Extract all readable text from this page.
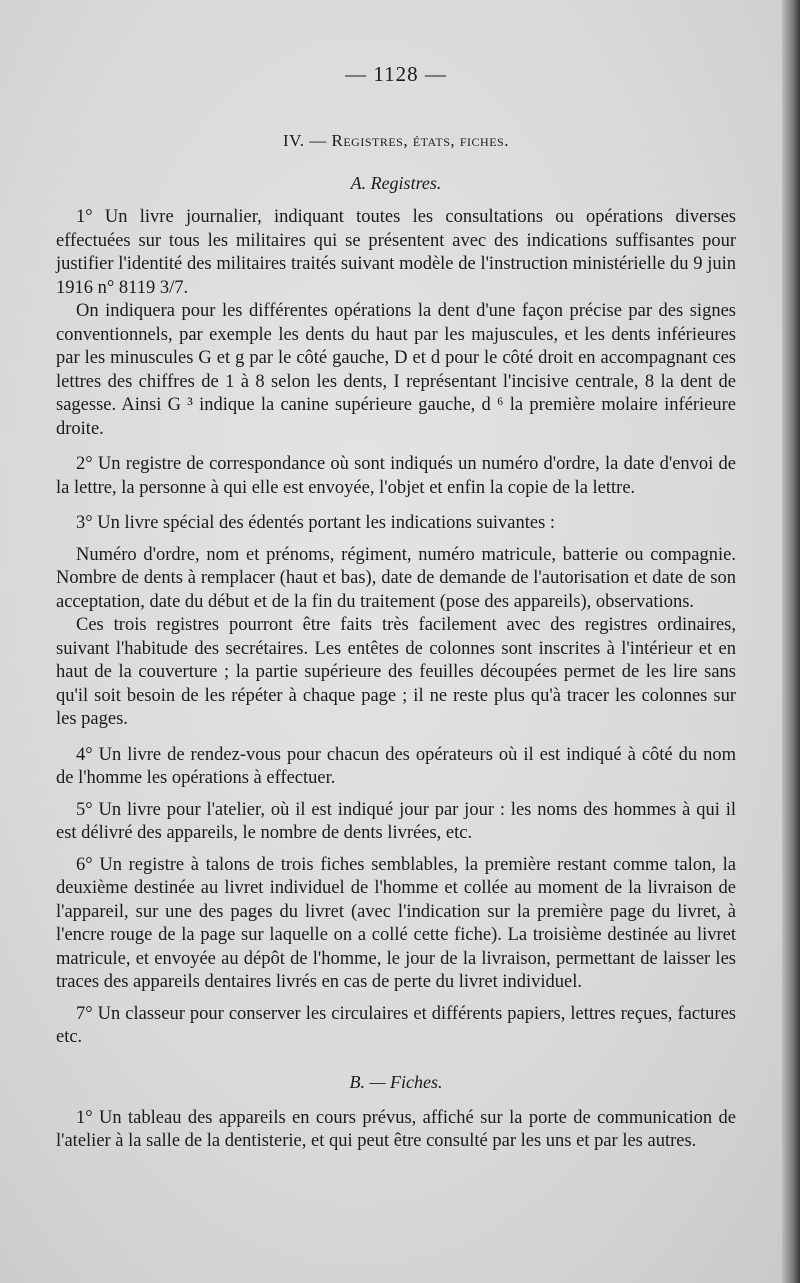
— 1128 —
IV. — Registres, états, fiches.
A. Registres.

1° Un livre journalier, indiquant toutes les consultations ou opérations diverses effectuées sur tous les militaires qui se présentent avec des indications suffisantes pour justifier l'identité des militaires traités suivant modèle de l'instruction ministérielle du 9 juin 1916 n° 8119 3/7.

On indiquera pour les différentes opérations la dent d'une façon précise par des signes conventionnels, par exemple les dents du haut par les majuscules, et les dents inférieures par les minuscules G et g par le côté gauche, D et d pour le côté droit en accompagnant ces lettres des chiffres de 1 à 8 selon les dents, I représentant l'incisive centrale, 8 la dent de sagesse. Ainsi G ³ indique la canine supérieure gauche, d ⁶ la première molaire inférieure droite.

2° Un registre de correspondance où sont indiqués un numéro d'ordre, la date d'envoi de la lettre, la personne à qui elle est envoyée, l'objet et enfin la copie de la lettre.

3° Un livre spécial des édentés portant les indications suivantes :

Numéro d'ordre, nom et prénoms, régiment, numéro matricule, batterie ou compagnie. Nombre de dents à remplacer (haut et bas), date de demande de l'autorisation et date de son acceptation, date du début et de la fin du traitement (pose des appareils), observations.

Ces trois registres pourront être faits très facilement avec des registres ordinaires, suivant l'habitude des secrétaires. Les entêtes de colonnes sont inscrites à l'intérieur et en haut de la couverture ; la partie supérieure des feuilles découpées permet de les lire sans qu'il soit besoin de les répéter à chaque page ; il ne reste plus qu'à tracer les colonnes sur les pages.

4° Un livre de rendez-vous pour chacun des opérateurs où il est indiqué à côté du nom de l'homme les opérations à effectuer.

5° Un livre pour l'atelier, où il est indiqué jour par jour : les noms des hommes à qui il est délivré des appareils, le nombre de dents livrées, etc.

6° Un registre à talons de trois fiches semblables, la première restant comme talon, la deuxième destinée au livret individuel de l'homme et collée au moment de la livraison de l'appareil, sur une des pages du livret (avec l'indication sur la première page du livret, à l'encre rouge de la page sur laquelle on a collé cette fiche). La troisième destinée au livret matricule, et envoyée au dépôt de l'homme, le jour de la livraison, permettant de laisser les traces des appareils dentaires livrés en cas de perte du livret individuel.

7° Un classeur pour conserver les circulaires et différents papiers, lettres reçues, factures etc.

B. — Fiches.

1° Un tableau des appareils en cours prévus, affiché sur la porte de communication de l'atelier à la salle de la dentisterie, et qui peut être consulté par les uns et par les autres.
